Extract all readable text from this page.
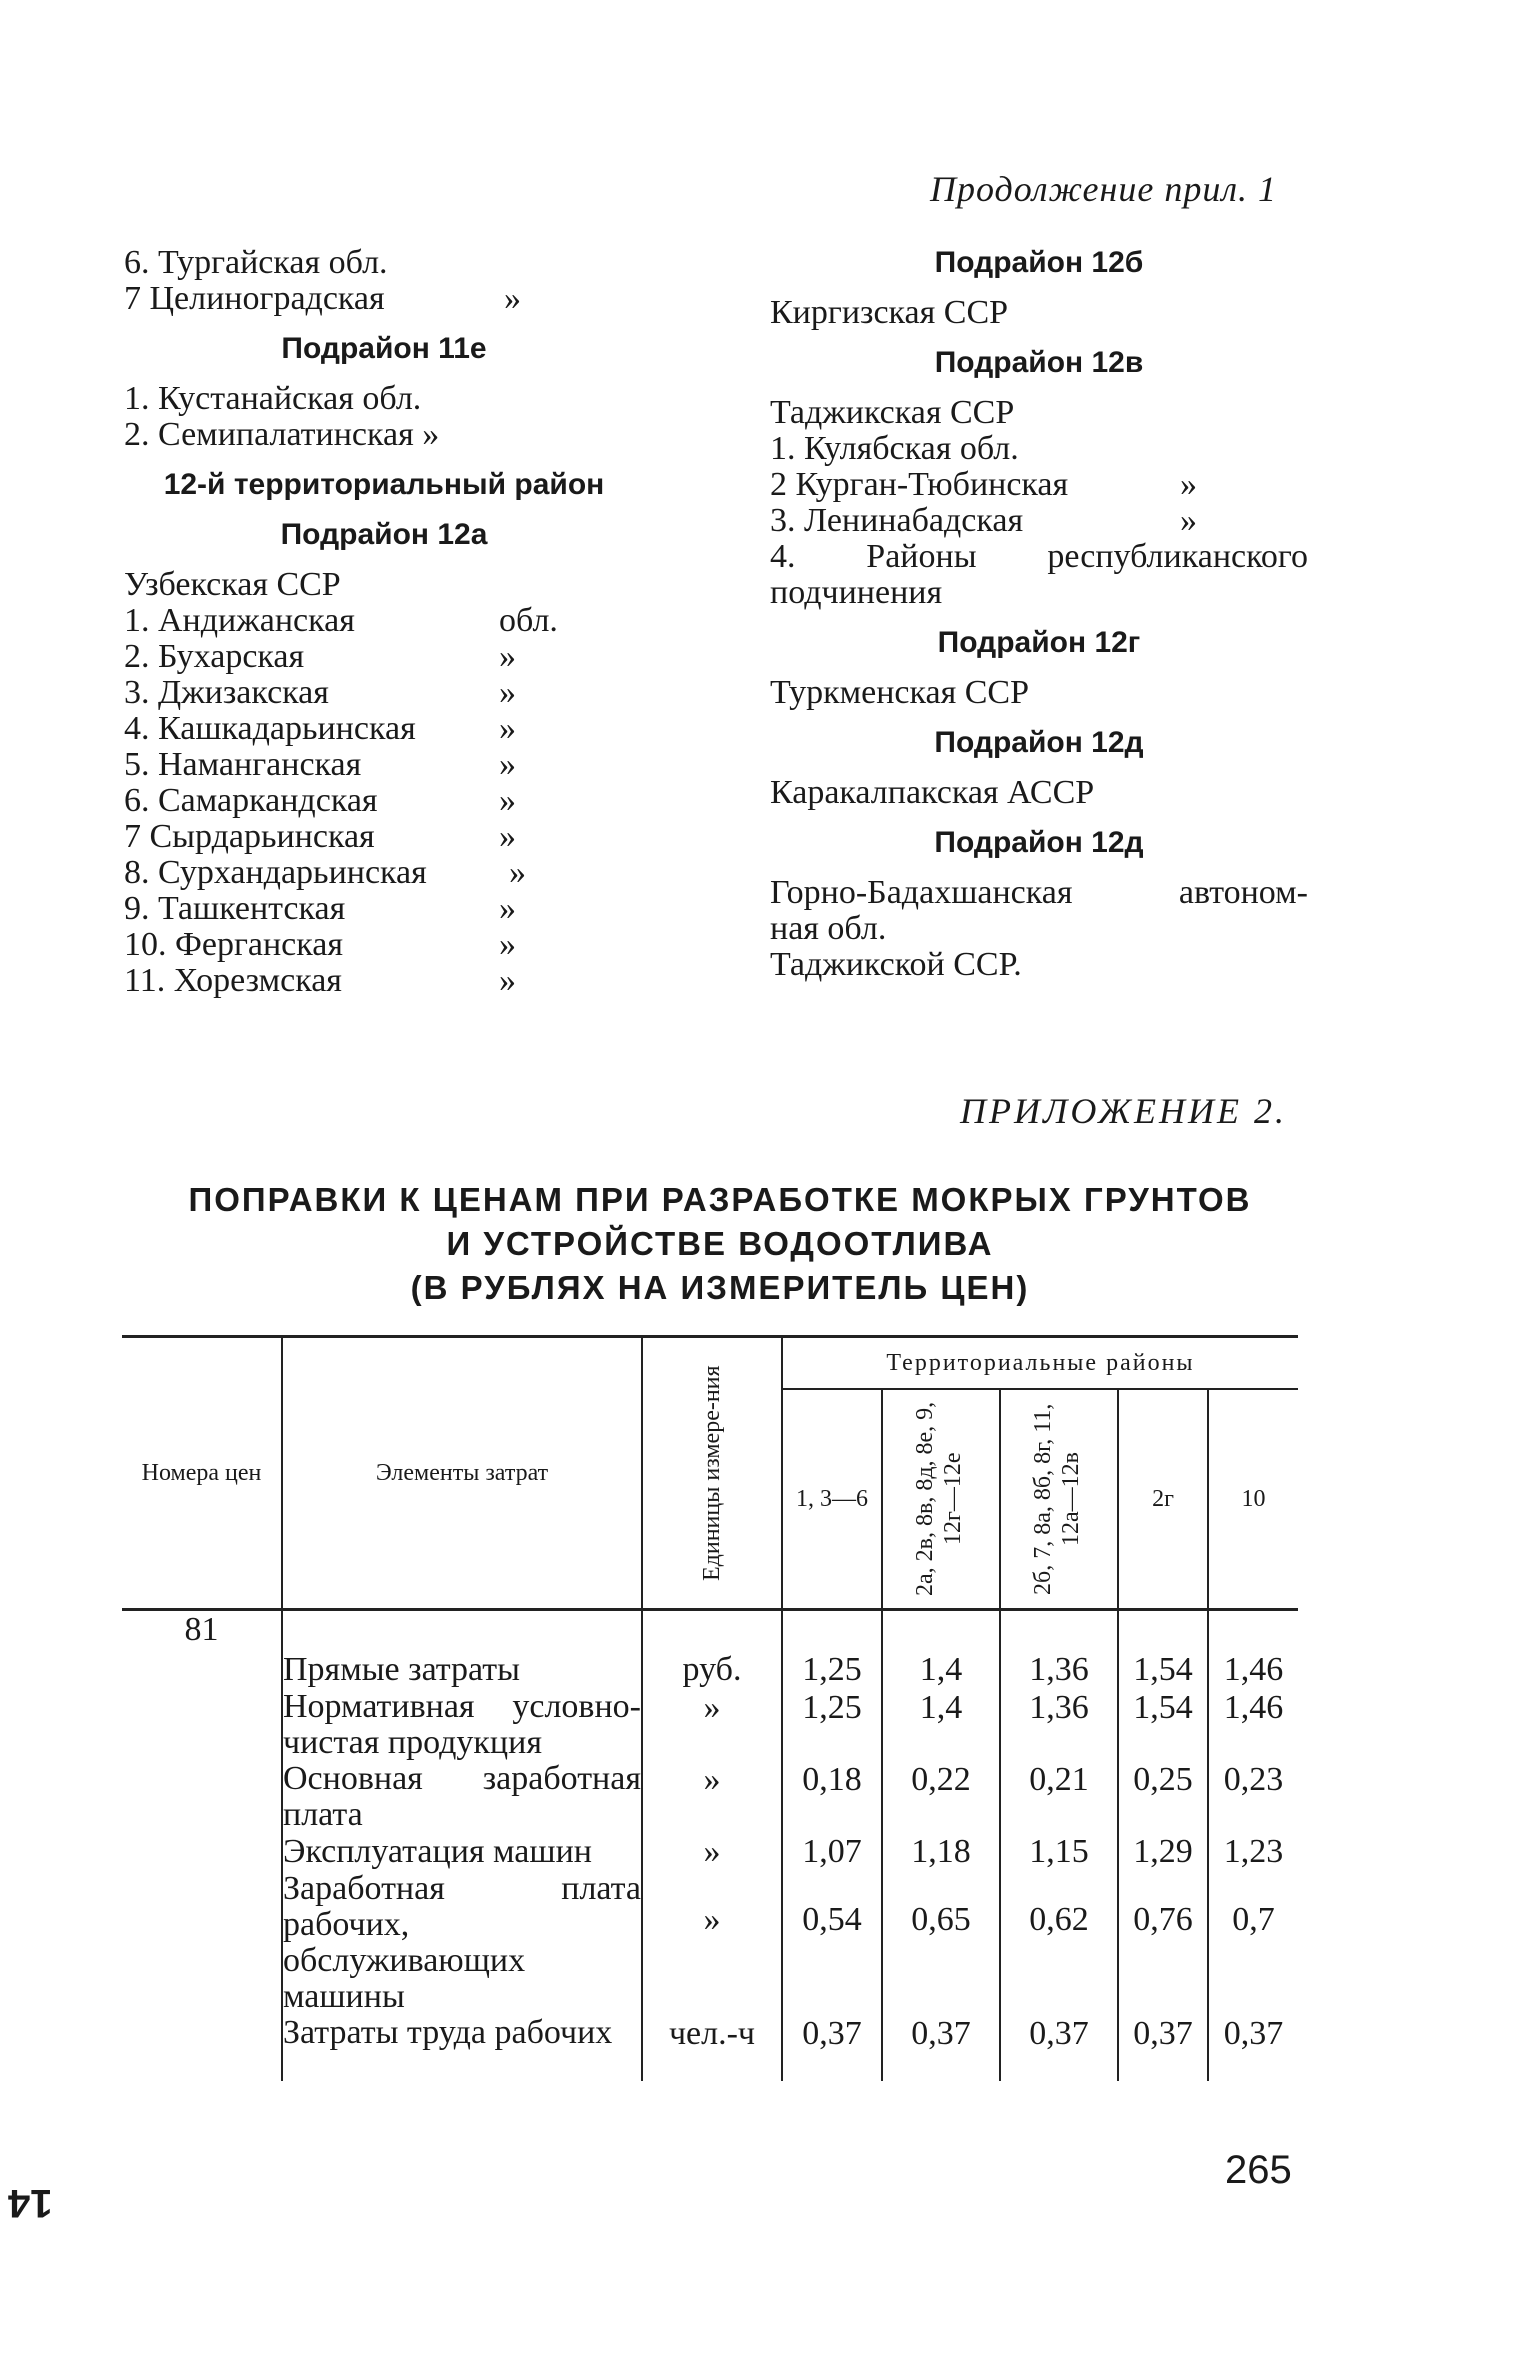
Продолжение прил. 1
6. Тургайская обл.
7 Целиноградская	»
Подрайон 11е
1. Кустанайская обл.
2. Семипалатинская »
12-й территориальный район
Подрайон 12а
Узбекская ССР
1. Андижанская	обл.
2. Бухарская	»
3. Джизакская	»
4. Кашкадарьинская »
5. Наманганская	»
6. Самаркандская	»
7 Сырдарьинская	»
8. Сурхандарьинская »
9. Ташкентская	»
10. Ферганская	»
11. Хорезмская	»
Подрайон 12б
Киргизская ССР
Подрайон 12в
Таджикская ССР
1. Кулябская обл.
2 Курган-Тюбинская	»
3. Ленинабадская	»
4. Районы республиканского
подчинения
Подрайон 12г
Туркменская ССР
Подрайон 12д
Каракалпакская АССР
Подрайон 12д
Горно-Бадахшанская автоном-
ная обл.
Таджикской ССР.
ПРИЛОЖЕНИЕ 2.
ПОПРАВКИ К ЦЕНАМ ПРИ РАЗРАБОТКЕ МОКРЫХ ГРУНТОВ
И УСТРОЙСТВЕ ВОДООТЛИВА
(В РУБЛЯХ НА ИЗМЕРИТЕЛЬ ЦЕН)
Номера цен	Элементы затрат	Единицы измере-ния	Территориальные районы				
			1, 3—6	2а, 2в, 8в, 8д, 8е, 9, 12г—12е	2б, 7, 8а, 8б, 8г, 11, 12а—12в	2г	10
81	Прямые затраты	руб.	1,25	1,4	1,36	1,54	1,46
	Нормативная условно-чистая продукция	»	1,25	1,4	1,36	1,54	1,46
	Основная заработная плата	»	0,18	0,22	0,21	0,25	0,23
	Эксплуатация машин	»	1,07	1,18	1,15	1,29	1,23
	Заработная плата рабочих, обслуживающих машины	»	0,54	0,65	0,62	0,76	0,7
	Затраты труда рабочих	чел.-ч	0,37	0,37	0,37	0,37	0,37
265
14
